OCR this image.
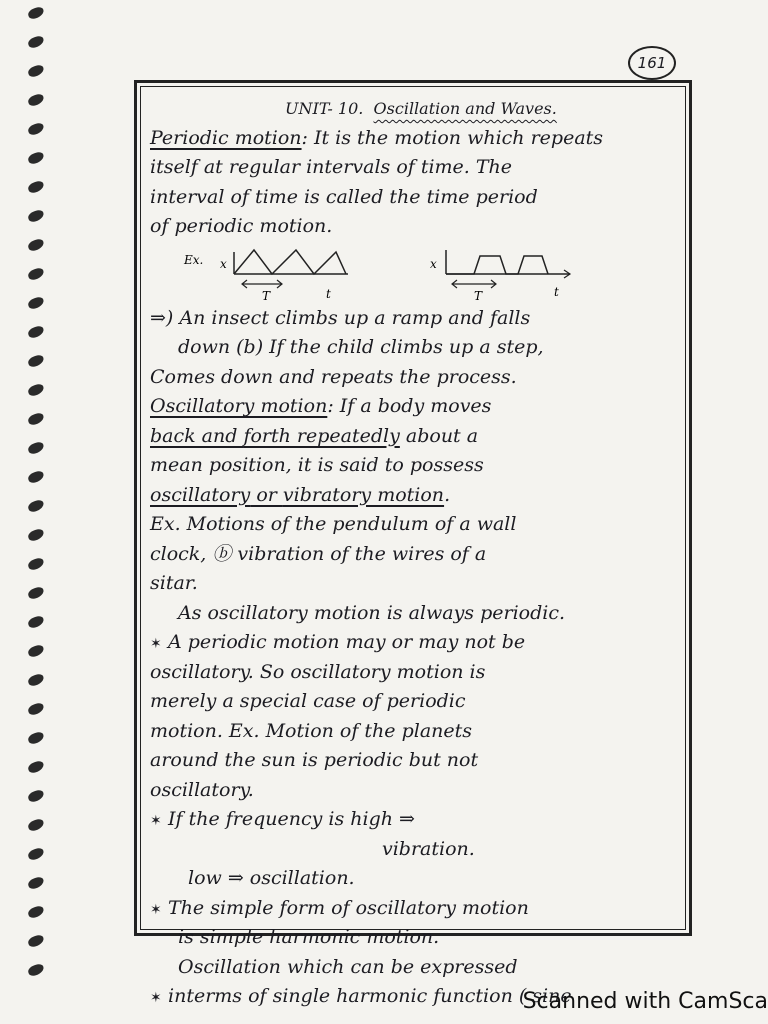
161
UNIT- 10. Oscillation and Waves.
Periodic motion: It is the motion which repeats
itself at regular intervals of time. The
interval of time is called the time period
of periodic motion.
Ex. x
T	t
x
T	t
⇒) An insect climbs up a ramp and falls
down (b) If the child climbs up a step,
Comes down and repeats the process.
Oscillatory motion: If a body moves
back and forth repeatedly about a
mean position, it is said to possess
oscillatory or vibratory motion.
Ex. Motions of the pendulum of a wall
clock, ⓑ vibration of the wires of a
sitar.
As oscillatory motion is always periodic.
✶ A periodic motion may or may not be
oscillatory. So oscillatory motion is
merely a special case of periodic
motion. Ex. Motion of the planets
around the sun is periodic but not
oscillatory.
✶ If the frequency is high ⇒
vibration.
low ⇒ oscillation.
✶ The simple form of oscillatory motion
is simple harmonic motion.
Oscillation which can be expressed
✶ interms of single harmonic function ( sine
Scanned with CamSca
